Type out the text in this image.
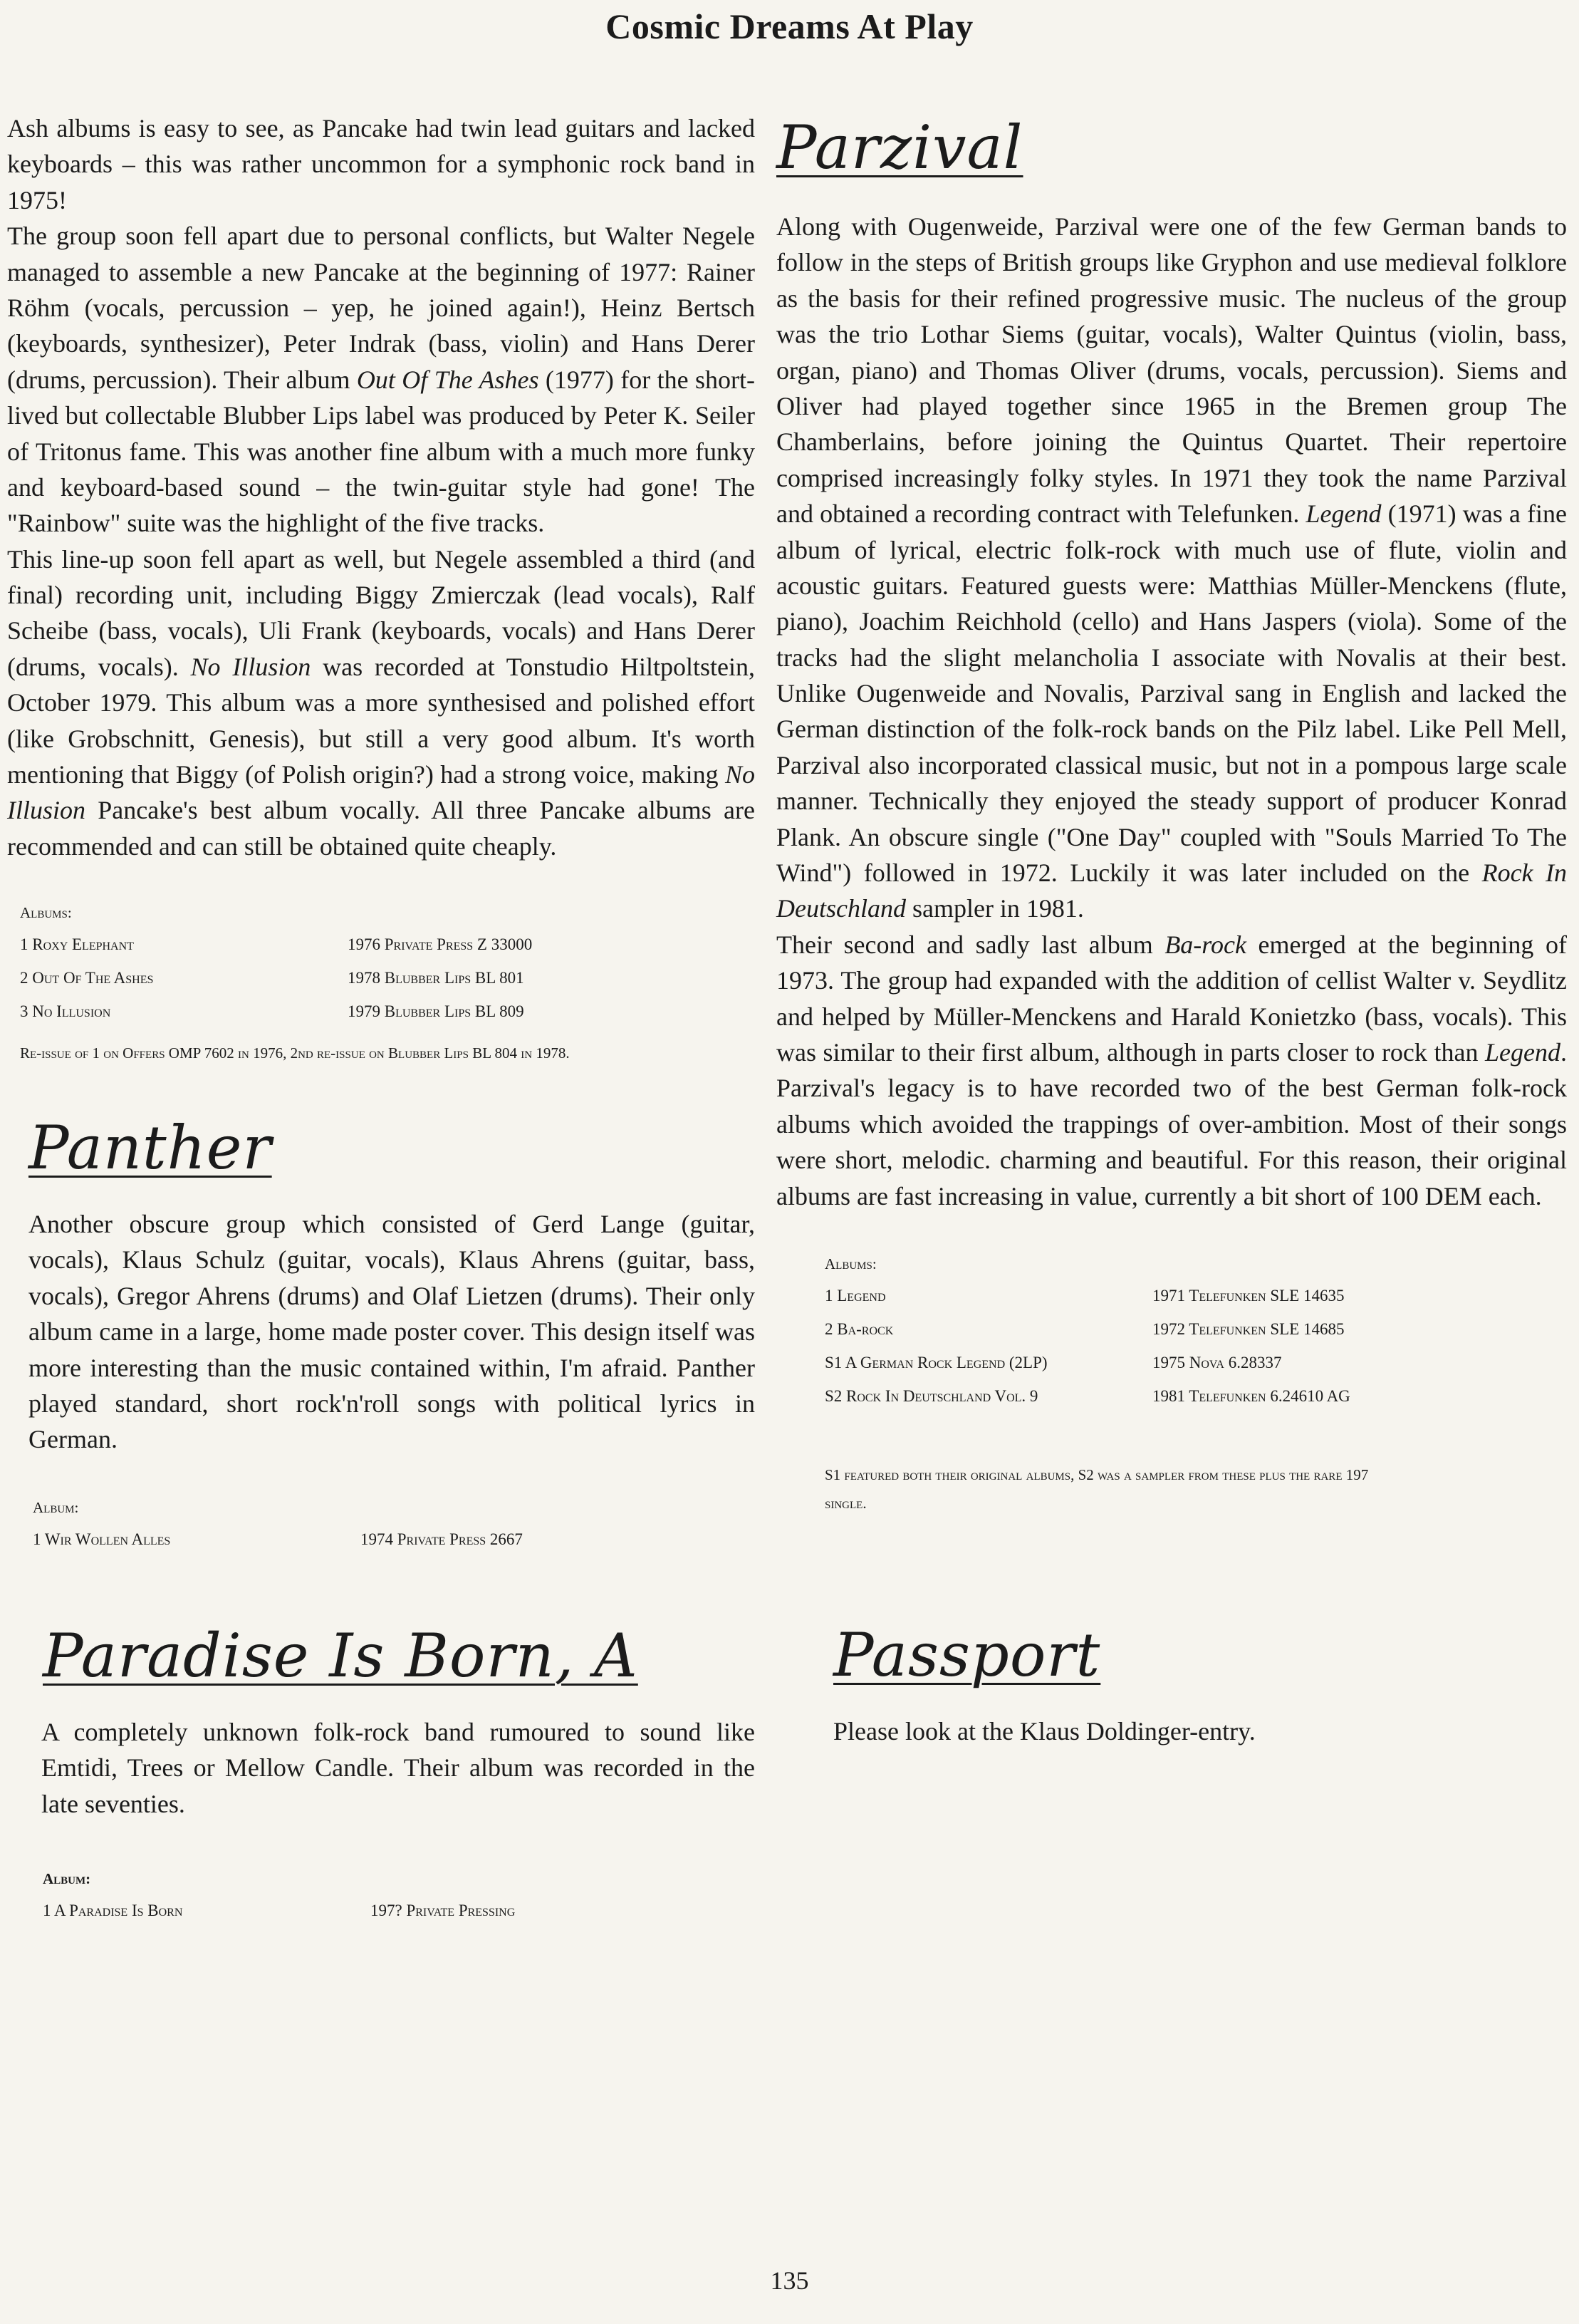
Cosmic Dreams At Play

Ash albums is easy to see, as Pancake had twin lead guitars and lacked keyboards – this was rather uncommon for a symphonic rock band in 1975!

The group soon fell apart due to personal conflicts, but Walter Negele managed to assemble a new Pancake at the beginning of 1977: Rainer Röhm (vocals, percussion – yep, he joined again!), Heinz Bertsch (keyboards, synthesizer), Peter Indrak (bass, violin) and Hans Derer (drums, percussion). Their album Out Of The Ashes (1977) for the short-lived but collectable Blubber Lips label was produced by Peter K. Seiler of Tritonus fame. This was another fine album with a much more funky and keyboard-based sound – the twin-guitar style had gone! The "Rainbow" suite was the highlight of the five tracks.

This line-up soon fell apart as well, but Negele assembled a third (and final) recording unit, including Biggy Zmierczak (lead vocals), Ralf Scheibe (bass, vocals), Uli Frank (keyboards, vocals) and Hans Derer (drums, vocals). No Illusion was recorded at Tonstudio Hiltpoltstein, October 1979. This album was a more synthesised and polished effort (like Grobschnitt, Genesis), but still a very good album. It's worth mentioning that Biggy (of Polish origin?) had a strong voice, making No Illusion Pancake's best album vocally. All three Pancake albums are recommended and can still be obtained quite cheaply.

Albums:
1 Roxy Elephant	1976 Private Press Z 33000
2 Out Of The Ashes	1978 Blubber Lips BL 801
3 No Illusion	1979 Blubber Lips BL 809
Re-issue of 1 on Offers OMP 7602 in 1976, 2nd re-issue on Blubber Lips BL 804 in 1978.
Panther

Another obscure group which consisted of Gerd Lange (guitar, vocals), Klaus Schulz (guitar, vocals), Klaus Ahrens (guitar, bass, vocals), Gregor Ahrens (drums) and Olaf Lietzen (drums). Their only album came in a large, home made poster cover. This design itself was more interesting than the music contained within, I'm afraid. Panther played standard, short rock'n'roll songs with political lyrics in German.

Album:
1 Wir Wollen Alles	1974 Private Press 2667
Paradise Is Born, A

A completely unknown folk-rock band rumoured to sound like Emtidi, Trees or Mellow Candle. Their album was recorded in the late seventies.

Album:
1 A Paradise Is Born	197? Private Pressing
Parzival

Along with Ougenweide, Parzival were one of the few German bands to follow in the steps of British groups like Gryphon and use medieval folklore as the basis for their refined progressive music. The nucleus of the group was the trio Lothar Siems (guitar, vocals), Walter Quintus (violin, bass, organ, piano) and Thomas Oliver (drums, vocals, percussion). Siems and Oliver had played together since 1965 in the Bremen group The Chamberlains, before joining the Quintus Quartet. Their repertoire comprised increasingly folky styles. In 1971 they took the name Parzival and obtained a recording contract with Telefunken. Legend (1971) was a fine album of lyrical, electric folk-rock with much use of flute, violin and acoustic guitars. Featured guests were: Matthias Müller-Menckens (flute, piano), Joachim Reichhold (cello) and Hans Jaspers (viola). Some of the tracks had the slight melancholia I associate with Novalis at their best. Unlike Ougenweide and Novalis, Parzival sang in English and lacked the German distinction of the folk-rock bands on the Pilz label. Like Pell Mell, Parzival also incorporated classical music, but not in a pompous large scale manner. Technically they enjoyed the steady support of producer Konrad Plank. An obscure single ("One Day" coupled with "Souls Married To The Wind") followed in 1972. Luckily it was later included on the Rock In Deutschland sampler in 1981.

Their second and sadly last album Ba-rock emerged at the beginning of 1973. The group had expanded with the addition of cellist Walter v. Seydlitz and helped by Müller-Menckens and Harald Konietzko (bass, vocals). This was similar to their first album, although in parts closer to rock than Legend. Parzival's legacy is to have recorded two of the best German folk-rock albums which avoided the trappings of over-ambition. Most of their songs were short, melodic. charming and beautiful. For this reason, their original albums are fast increasing in value, currently a bit short of 100 DEM each.

Albums:
1 Legend	1971 Telefunken SLE 14635
2 Ba-rock	1972 Telefunken SLE 14685
S1 A German Rock Legend (2LP)	1975 Nova 6.28337
S2 Rock In Deutschland Vol. 9	1981 Telefunken 6.24610 AG
S1 featured both their original albums, S2 was a sampler from these plus the rare 197
single.
Passport

Please look at the Klaus Doldinger-entry.

135
